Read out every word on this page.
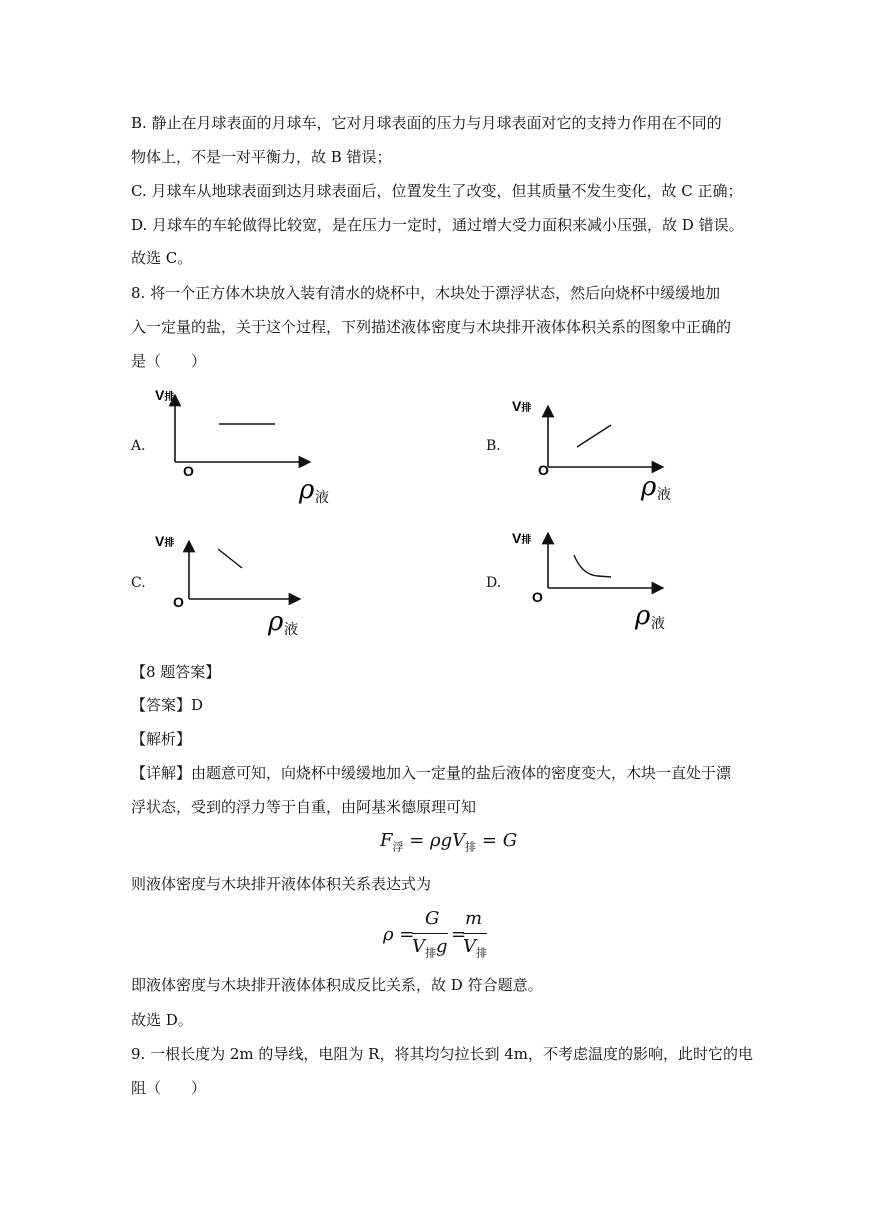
B. 静止在月球表面的月球车，它对月球表面的压力与月球表面对它的支持力作用在不同的
物体上，不是一对平衡力，故 B 错误；
C. 月球车从地球表面到达月球表面后，位置发生了改变，但其质量不发生变化，故 C 正确；
D. 月球车的车轮做得比较宽，是在压力一定时，通过增大受力面积来减小压强，故 D 错误。
故选 C。
8. 将一个正方体木块放入装有清水的烧杯中，木块处于漂浮状态，然后向烧杯中缓缓地加
入一定量的盐，关于这个过程，下列描述液体密度与木块排开液体体积关系的图象中正确的
是（　　）
A.	B.
C.	D.
V排
O
ρ 液
V排
O
ρ 液
V排
O
ρ 液
V排
O
ρ 液
【8 题答案】
【答案】D
【解析】
【详解】由题意可知，向烧杯中缓缓地加入一定量的盐后液体的密度变大，木块一直处于漂
浮状态，受到的浮力等于自重，由阿基米德原理可知
$F_浮 = \rho gV_排 = G$
则液体密度与木块排开液体体积关系表达式为
ρ =
G
$V_排g$
=
m
$V_排$
即液体密度与木块排开液体体积成反比关系，故 D 符合题意。
故选 D。
9. 一根长度为 2m 的导线，电阻为 R，将其均匀拉长到 4m，不考虑温度的影响，此时它的电
阻（　　）
